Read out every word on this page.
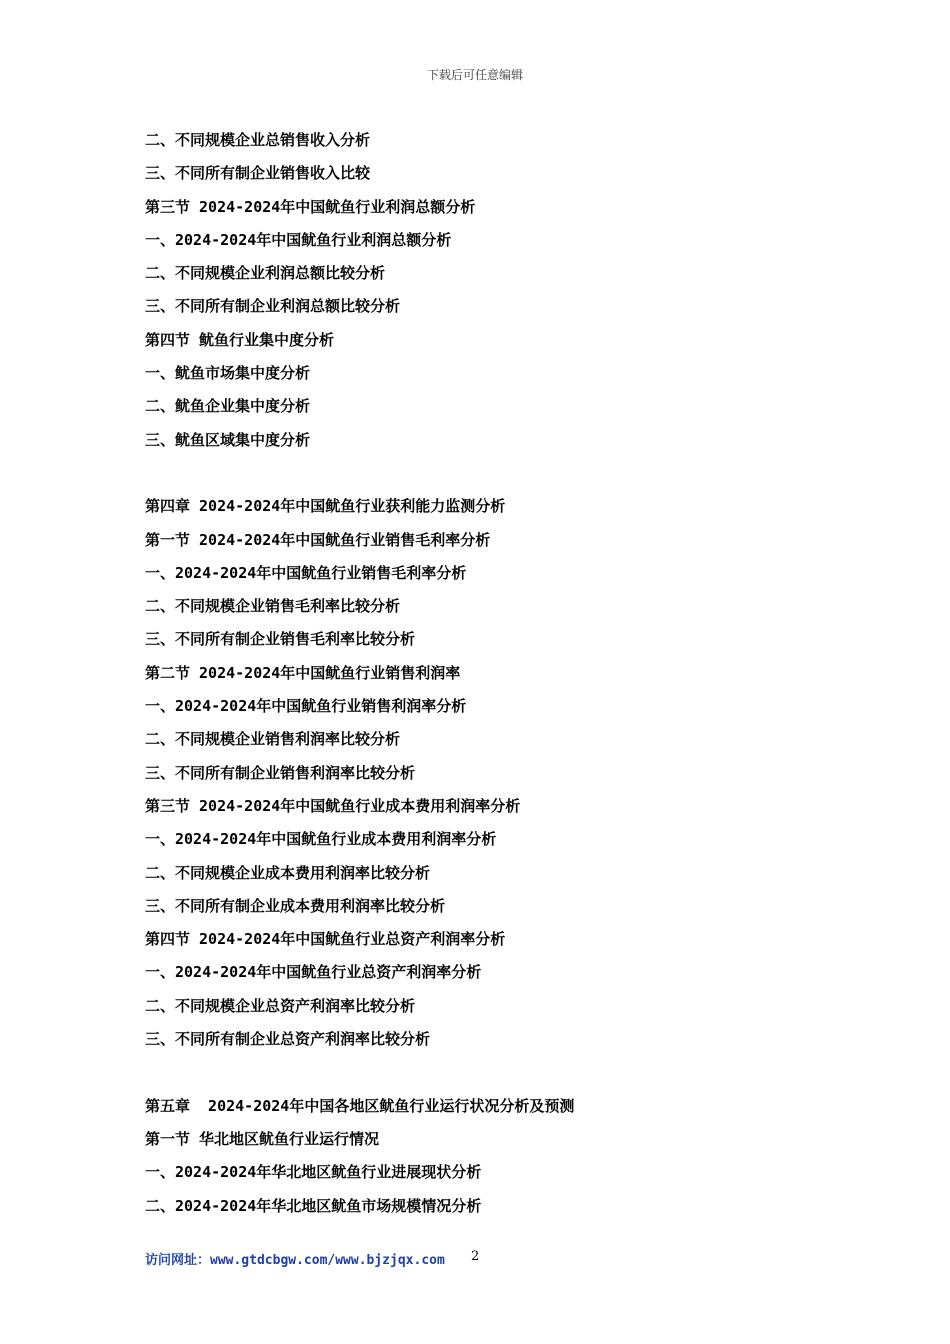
下载后可任意编辑
二、不同规模企业总销售收入分析
三、不同所有制企业销售收入比较
第三节 2024-2024年中国鱿鱼行业利润总额分析
一、2024-2024年中国鱿鱼行业利润总额分析
二、不同规模企业利润总额比较分析
三、不同所有制企业利润总额比较分析
第四节 鱿鱼行业集中度分析
一、鱿鱼市场集中度分析
二、鱿鱼企业集中度分析
三、鱿鱼区域集中度分析
第四章 2024-2024年中国鱿鱼行业获利能力监测分析
第一节 2024-2024年中国鱿鱼行业销售毛利率分析
一、2024-2024年中国鱿鱼行业销售毛利率分析
二、不同规模企业销售毛利率比较分析
三、不同所有制企业销售毛利率比较分析
第二节 2024-2024年中国鱿鱼行业销售利润率
一、2024-2024年中国鱿鱼行业销售利润率分析
二、不同规模企业销售利润率比较分析
三、不同所有制企业销售利润率比较分析
第三节 2024-2024年中国鱿鱼行业成本费用利润率分析
一、2024-2024年中国鱿鱼行业成本费用利润率分析
二、不同规模企业成本费用利润率比较分析
三、不同所有制企业成本费用利润率比较分析
第四节 2024-2024年中国鱿鱼行业总资产利润率分析
一、2024-2024年中国鱿鱼行业总资产利润率分析
二、不同规模企业总资产利润率比较分析
三、不同所有制企业总资产利润率比较分析
第五章  2024-2024年中国各地区鱿鱼行业运行状况分析及预测
第一节 华北地区鱿鱼行业运行情况
一、2024-2024年华北地区鱿鱼行业进展现状分析
二、2024-2024年华北地区鱿鱼市场规模情况分析
访问网址：www.gtdcbgw.com/www.bjzjqx.com 2
